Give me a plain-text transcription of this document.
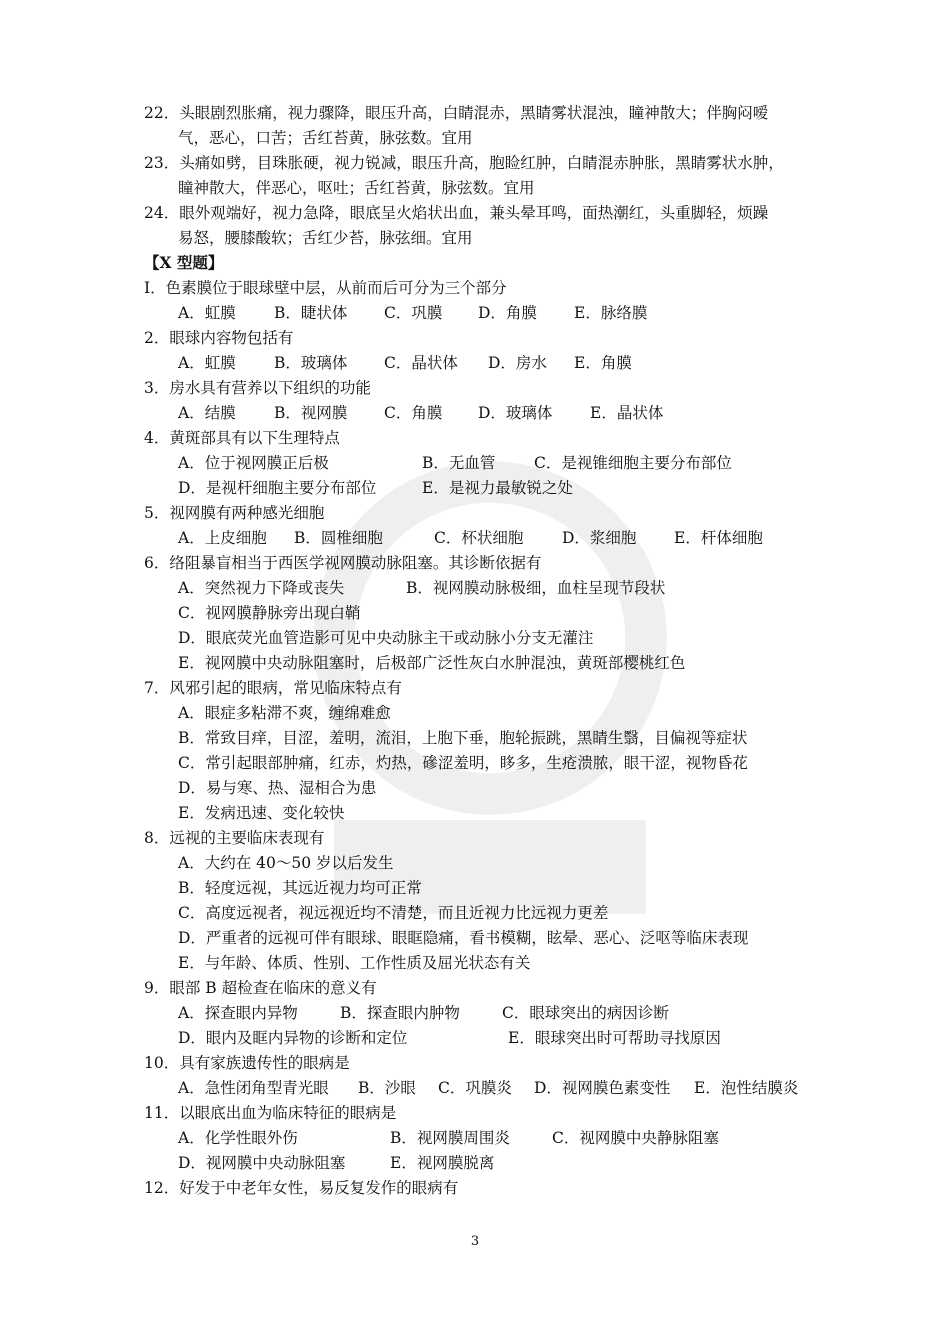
22．头眼剧烈胀痛，视力骤降，眼压升高，白睛混赤，黑睛雾状混浊，瞳神散大；伴胸闷嗳
气，恶心，口苦；舌红苔黄，脉弦数。宜用
23．头痛如劈，目珠胀硬，视力锐减，眼压升高，胞睑红肿，白睛混赤肿胀，黑睛雾状水肿，
瞳神散大，伴恶心，呕吐；舌红苔黄，脉弦数。宜用
24．眼外观端好，视力急降，眼底呈火焰状出血，兼头晕耳鸣，面热潮红，头重脚轻，烦躁
易怒，腰膝酸软；舌红少苔，脉弦细。宜用
【X 型题】
I．色素膜位于眼球壁中层，从前而后可分为三个部分
A．虹膜 B．睫状体 C．巩膜 D．角膜 E．脉络膜
2．眼球内容物包括有
A．虹膜 B．玻璃体 C．晶状体 D．房水 E．角膜
3．房水具有营养以下组织的功能
A．结膜 B．视网膜 C．角膜 D．玻璃体 E．晶状体
4．黄斑部具有以下生理特点
A．位于视网膜正后极	B．无血管 C．是视锥细胞主要分布部位
D．是视杆细胞主要分布部位	E．是视力最敏锐之处
5．视网膜有两种感光细胞
A．上皮细胞 B．圆椎细胞	C．杯状细胞 D．浆细胞 E．杆体细胞
6．络阻暴盲相当于西医学视网膜动脉阻塞。其诊断依据有
A．突然视力下降或丧失	B．视网膜动脉极细，血柱呈现节段状
C．视网膜静脉旁出现白鞘
D．眼底荧光血管造影可见中央动脉主干或动脉小分支无灌注
E．视网膜中央动脉阻塞时，后极部广泛性灰白水肿混浊，黄斑部樱桃红色
7．风邪引起的眼病，常见临床特点有
A．眼症多粘滞不爽，缠绵难愈
B．常致目痒，目涩，羞明，流泪，上胞下垂，胞轮振跳，黑睛生翳，目偏视等症状
C．常引起眼部肿痛，红赤，灼热，磣涩羞明，眵多，生疮溃脓，眼干涩，视物昏花
D．易与寒、热、湿相合为患
E．发病迅速、变化较快
8．远视的主要临床表现有
A．大约在 40～50 岁以后发生
B．轻度远视，其远近视力均可正常
C．高度远视者，视远视近均不清楚，而且近视力比远视力更差
D．严重者的远视可伴有眼球、眼眶隐痛，看书模糊，眩晕、恶心、泛呕等临床表现
E．与年龄、体质、性别、工作性质及屈光状态有关
9．眼部 B 超检查在临床的意义有
A．探查眼内异物	B．探查眼内肿物	C．眼球突出的病因诊断
D．眼内及眶内异物的诊断和定位	E．眼球突出时可帮助寻找原因
10．具有家族遗传性的眼病是
A．急性闭角型青光眼 B．沙眼 C．巩膜炎 D．视网膜色素变性 E．泡性结膜炎
11．以眼底出血为临床特征的眼病是
A．化学性眼外伤	B．视网膜周围炎	C．视网膜中央静脉阻塞
D．视网膜中央动脉阻塞	E．视网膜脱离
12．好发于中老年女性，易反复发作的眼病有
3
